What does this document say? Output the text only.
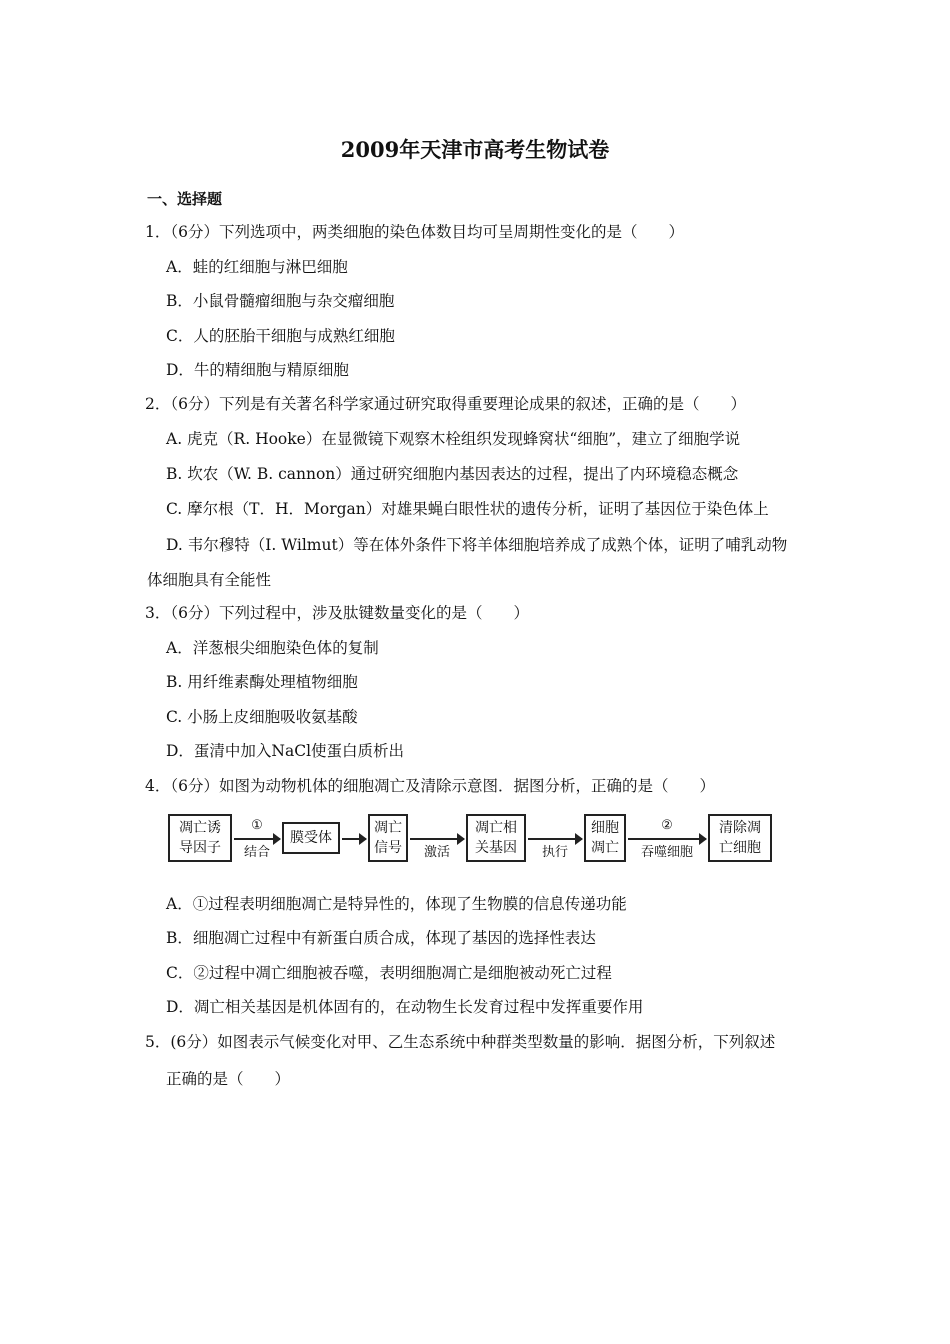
2009年天津市高考生物试卷
一、选择题
1．（6分）下列选项中，两类细胞的染色体数目均可呈周期性变化的是（　　）
A．蛙的红细胞与淋巴细胞
B．小鼠骨髓瘤细胞与杂交瘤细胞
C．人的胚胎干细胞与成熟红细胞
D．牛的精细胞与精原细胞
2．（6分）下列是有关著名科学家通过研究取得重要理论成果的叙述，正确的是（　　）
A. 虎克（R. Hooke）在显微镜下观察木栓组织发现蜂窝状“细胞”，建立了细胞学说
B. 坎农（W. B. cannon）通过研究细胞内基因表达的过程，提出了内环境稳态概念
C. 摩尔根（T．H．Morgan）对雄果蝇白眼性状的遗传分析，证明了基因位于染色体上
D. 韦尔穆特（I. Wilmut）等在体外条件下将羊体细胞培养成了成熟个体，证明了哺乳动物
体细胞具有全能性
3．（6分）下列过程中，涉及肽键数量变化的是（　　）
A．洋葱根尖细胞染色体的复制
B. 用纤维素酶处理植物细胞
C. 小肠上皮细胞吸收氨基酸
D．蛋清中加入NaCl使蛋白质析出
4．（6分）如图为动物机体的细胞凋亡及清除示意图．据图分析，正确的是（　　）
凋亡诱
导因子
①
结合
膜受体
凋亡
信号	激活
凋亡相
关基因	执行
细胞
凋亡
②
吞噬细胞
清除凋
亡细胞
A．①过程表明细胞凋亡是特异性的，体现了生物膜的信息传递功能
B．细胞凋亡过程中有新蛋白质合成，体现了基因的选择性表达
C．②过程中凋亡细胞被吞噬，表明细胞凋亡是细胞被动死亡过程
D．凋亡相关基因是机体固有的，在动物生长发育过程中发挥重要作用
5．(6分）如图表示气候变化对甲、乙生态系统中种群类型数量的影响．据图分析，下列叙述
正确的是（　　）
